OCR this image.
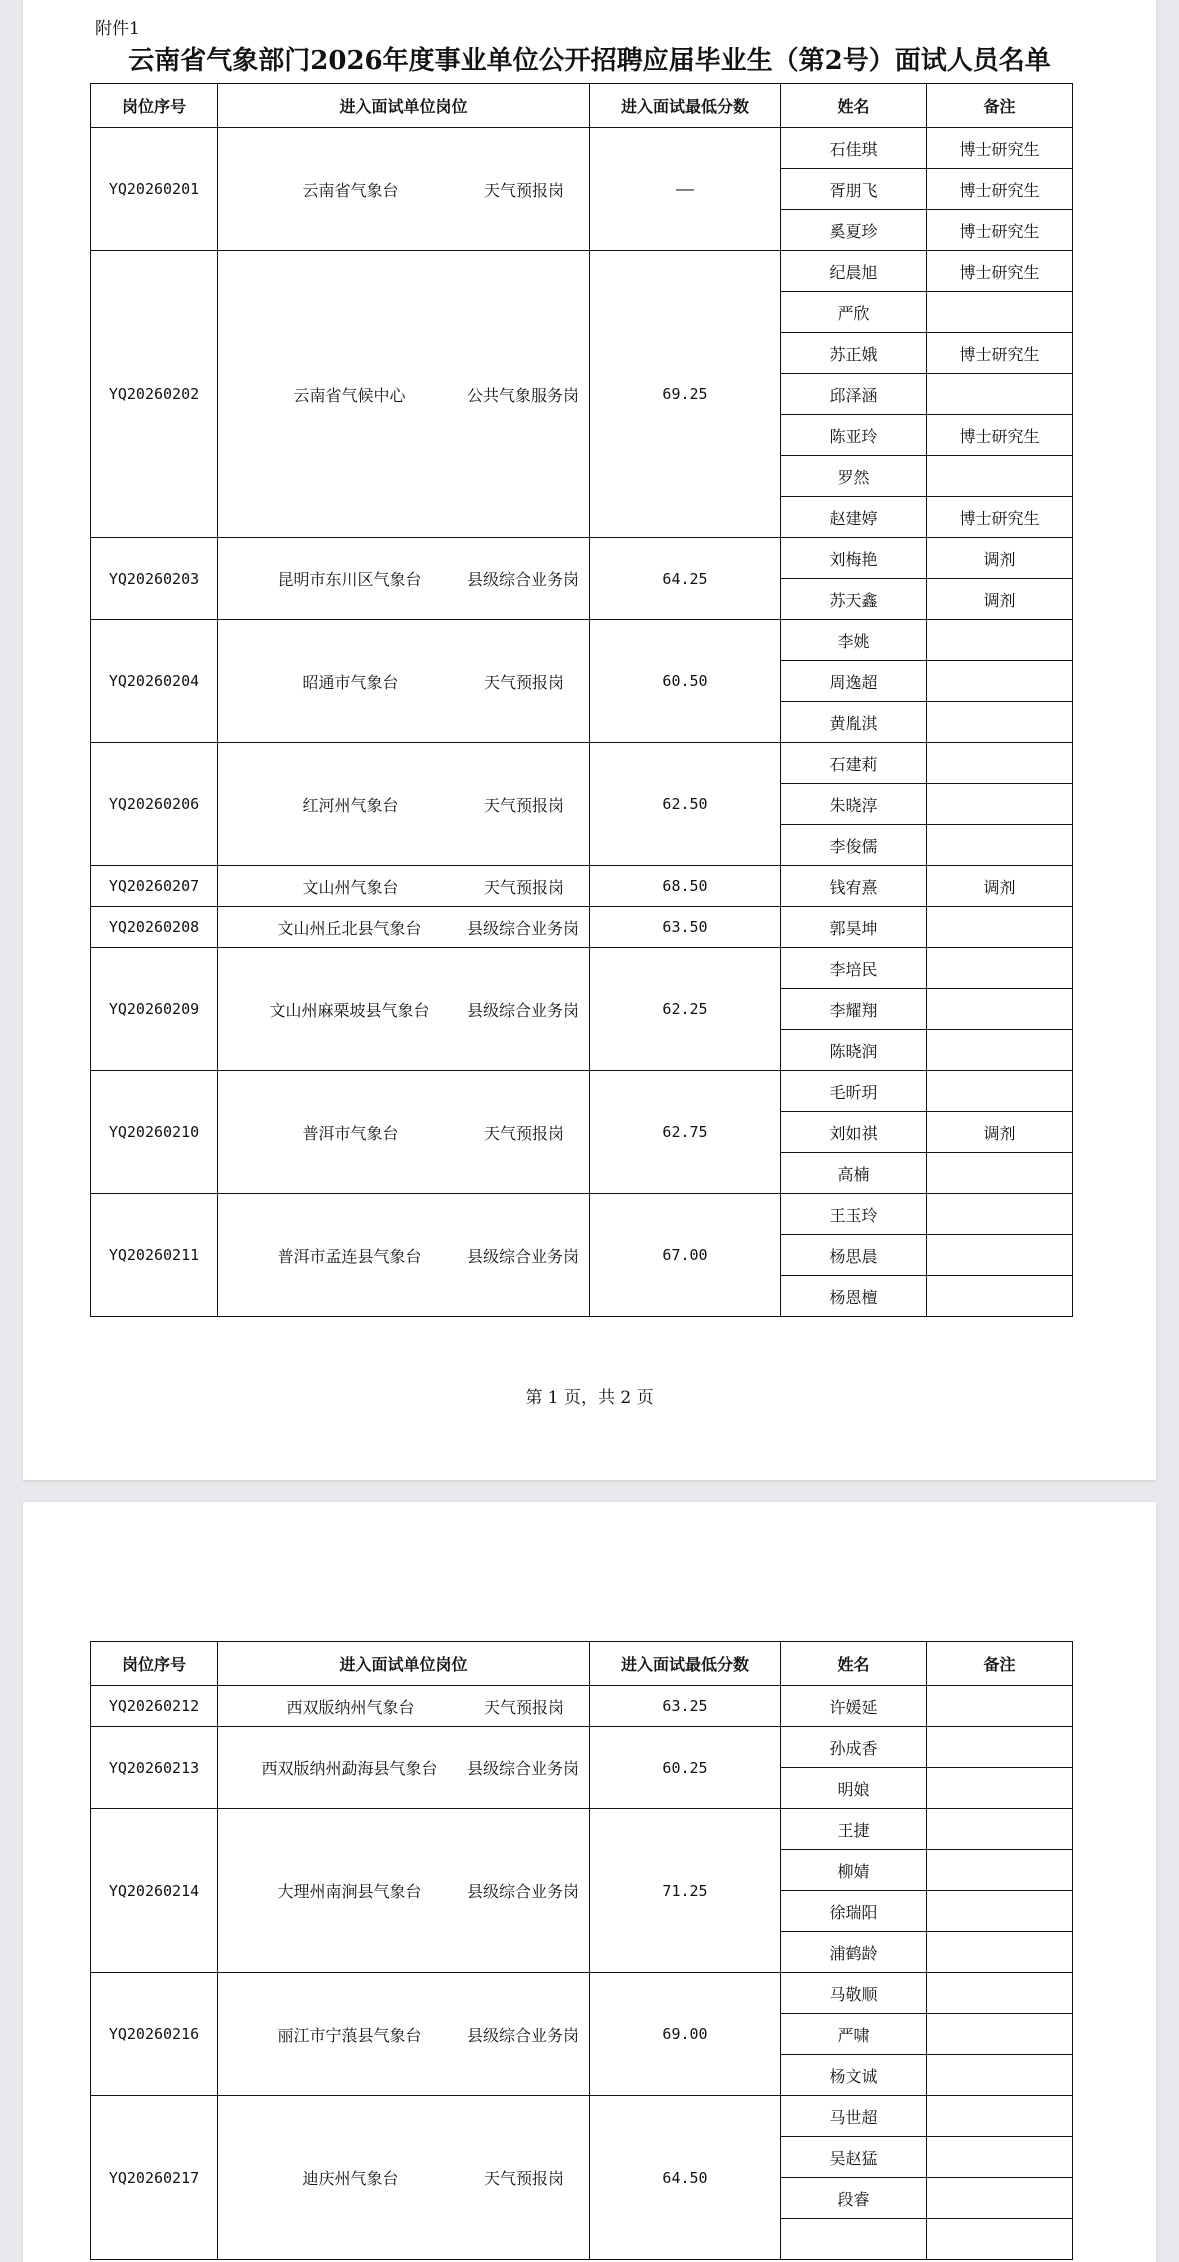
附件1
云南省气象部门2026年度事业单位公开招聘应届毕业生（第2号）面试人员名单
岗位序号	进入面试单位岗位	进入面试最低分数	姓名	备注
YQ20260201	云南省气象台 天气预报岗	——	石佳琪	博士研究生
			胥朋飞	博士研究生
			奚夏珍	博士研究生
YQ20260202	云南省气候中心 公共气象服务岗	69.25	纪晨旭	博士研究生
			严欣	
			苏正娥	博士研究生
			邱泽涵	
			陈亚玲	博士研究生
			罗然	
			赵建婷	博士研究生
YQ20260203	昆明市东川区气象台 县级综合业务岗	64.25	刘梅艳	调剂
			苏天鑫	调剂
YQ20260204	昭通市气象台 天气预报岗	60.50	李姚	
			周逸超	
			黄胤淇	
YQ20260206	红河州气象台 天气预报岗	62.50	石建莉	
			朱晓淳	
			李俊儒	
YQ20260207	文山州气象台 天气预报岗	68.50	钱宥熹	调剂
YQ20260208	文山州丘北县气象台 县级综合业务岗	63.50	郭昊坤	
YQ20260209	文山州麻栗坡县气象台 县级综合业务岗	62.25	李培民	
			李耀翔	
			陈晓润	
YQ20260210	普洱市气象台 天气预报岗	62.75	毛昕玥	
			刘如祺	调剂
			高楠	
YQ20260211	普洱市孟连县气象台 县级综合业务岗	67.00	王玉玲	
			杨思晨	
			杨恩檀	
第 1 页，共 2 页
岗位序号	进入面试单位岗位	进入面试最低分数	姓名	备注
YQ20260212	西双版纳州气象台 天气预报岗	63.25	许媛延	
YQ20260213	西双版纳州勐海县气象台 县级综合业务岗	60.25	孙成香	
			明娘	
YQ20260214	大理州南涧县气象台 县级综合业务岗	71.25	王捷	
			柳婧	
			徐瑞阳	
			浦鹤龄	
YQ20260216	丽江市宁蒗县气象台 县级综合业务岗	69.00	马敬顺	
			严啸	
			杨文诚	
YQ20260217	迪庆州气象台 天气预报岗	64.50	马世超	
			吴赵猛	
			段睿	
